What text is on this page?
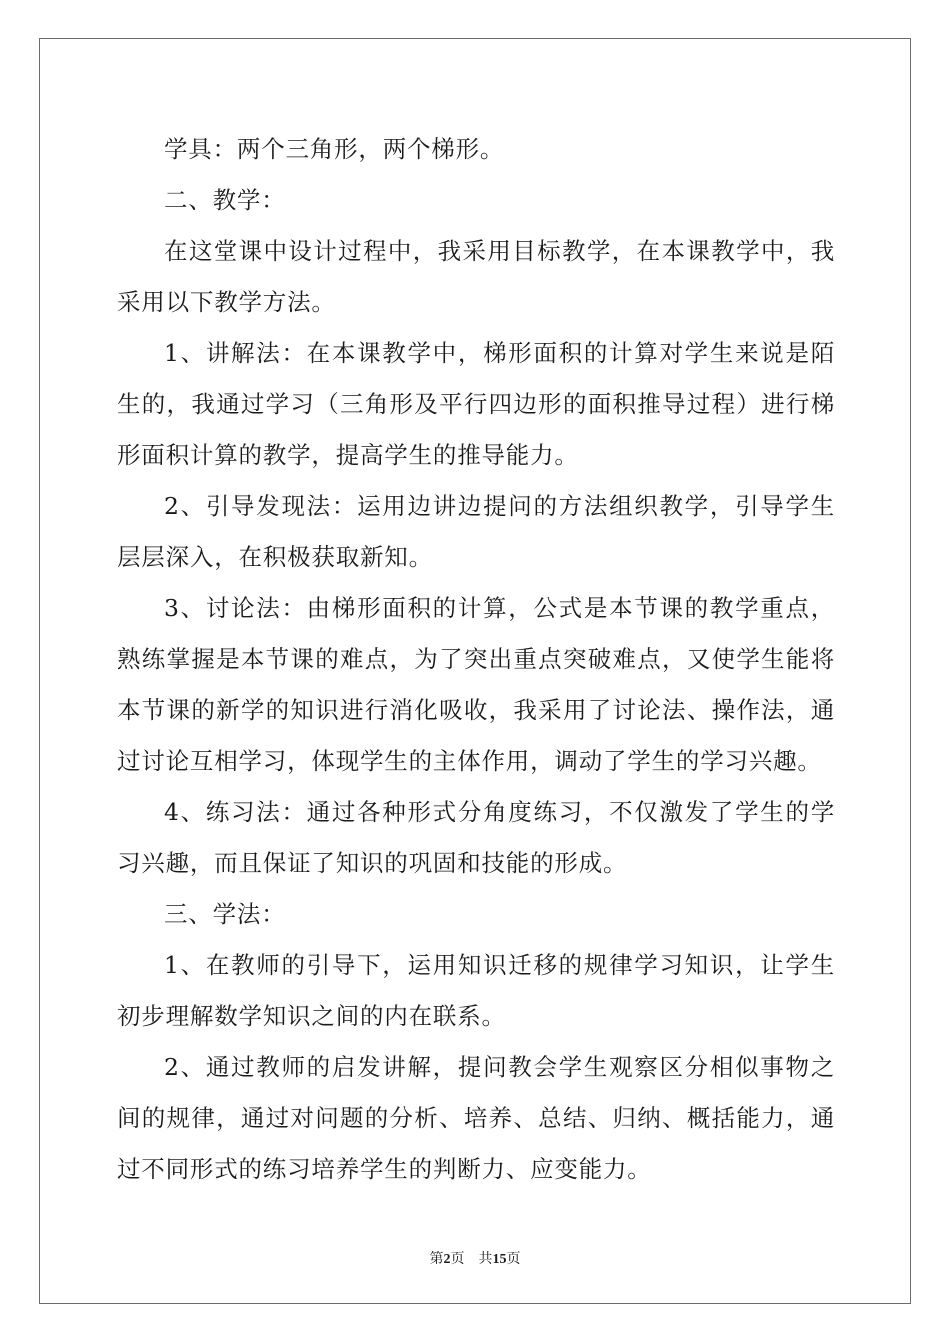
学具：两个三角形，两个梯形。

二、教学：

在这堂课中设计过程中，我采用目标教学，在本课教学中，我采用以下教学方法。

1、讲解法：在本课教学中，梯形面积的计算对学生来说是陌生的，我通过学习（三角形及平行四边形的面积推导过程）进行梯形面积计算的教学，提高学生的推导能力。

2、引导发现法：运用边讲边提问的方法组织教学，引导学生层层深入，在积极获取新知。

3、讨论法：由梯形面积的计算，公式是本节课的教学重点，熟练掌握是本节课的难点，为了突出重点突破难点，又使学生能将本节课的新学的知识进行消化吸收，我采用了讨论法、操作法，通过讨论互相学习，体现学生的主体作用，调动了学生的学习兴趣。

4、练习法：通过各种形式分角度练习，不仅激发了学生的学习兴趣，而且保证了知识的巩固和技能的形成。

三、学法：

1、在教师的引导下，运用知识迁移的规律学习知识，让学生初步理解数学知识之间的内在联系。

2、通过教师的启发讲解，提问教会学生观察区分相似事物之间的规律，通过对问题的分析、培养、总结、归纳、概括能力，通过不同形式的练习培养学生的判断力、应变能力。

第2页 共15页
